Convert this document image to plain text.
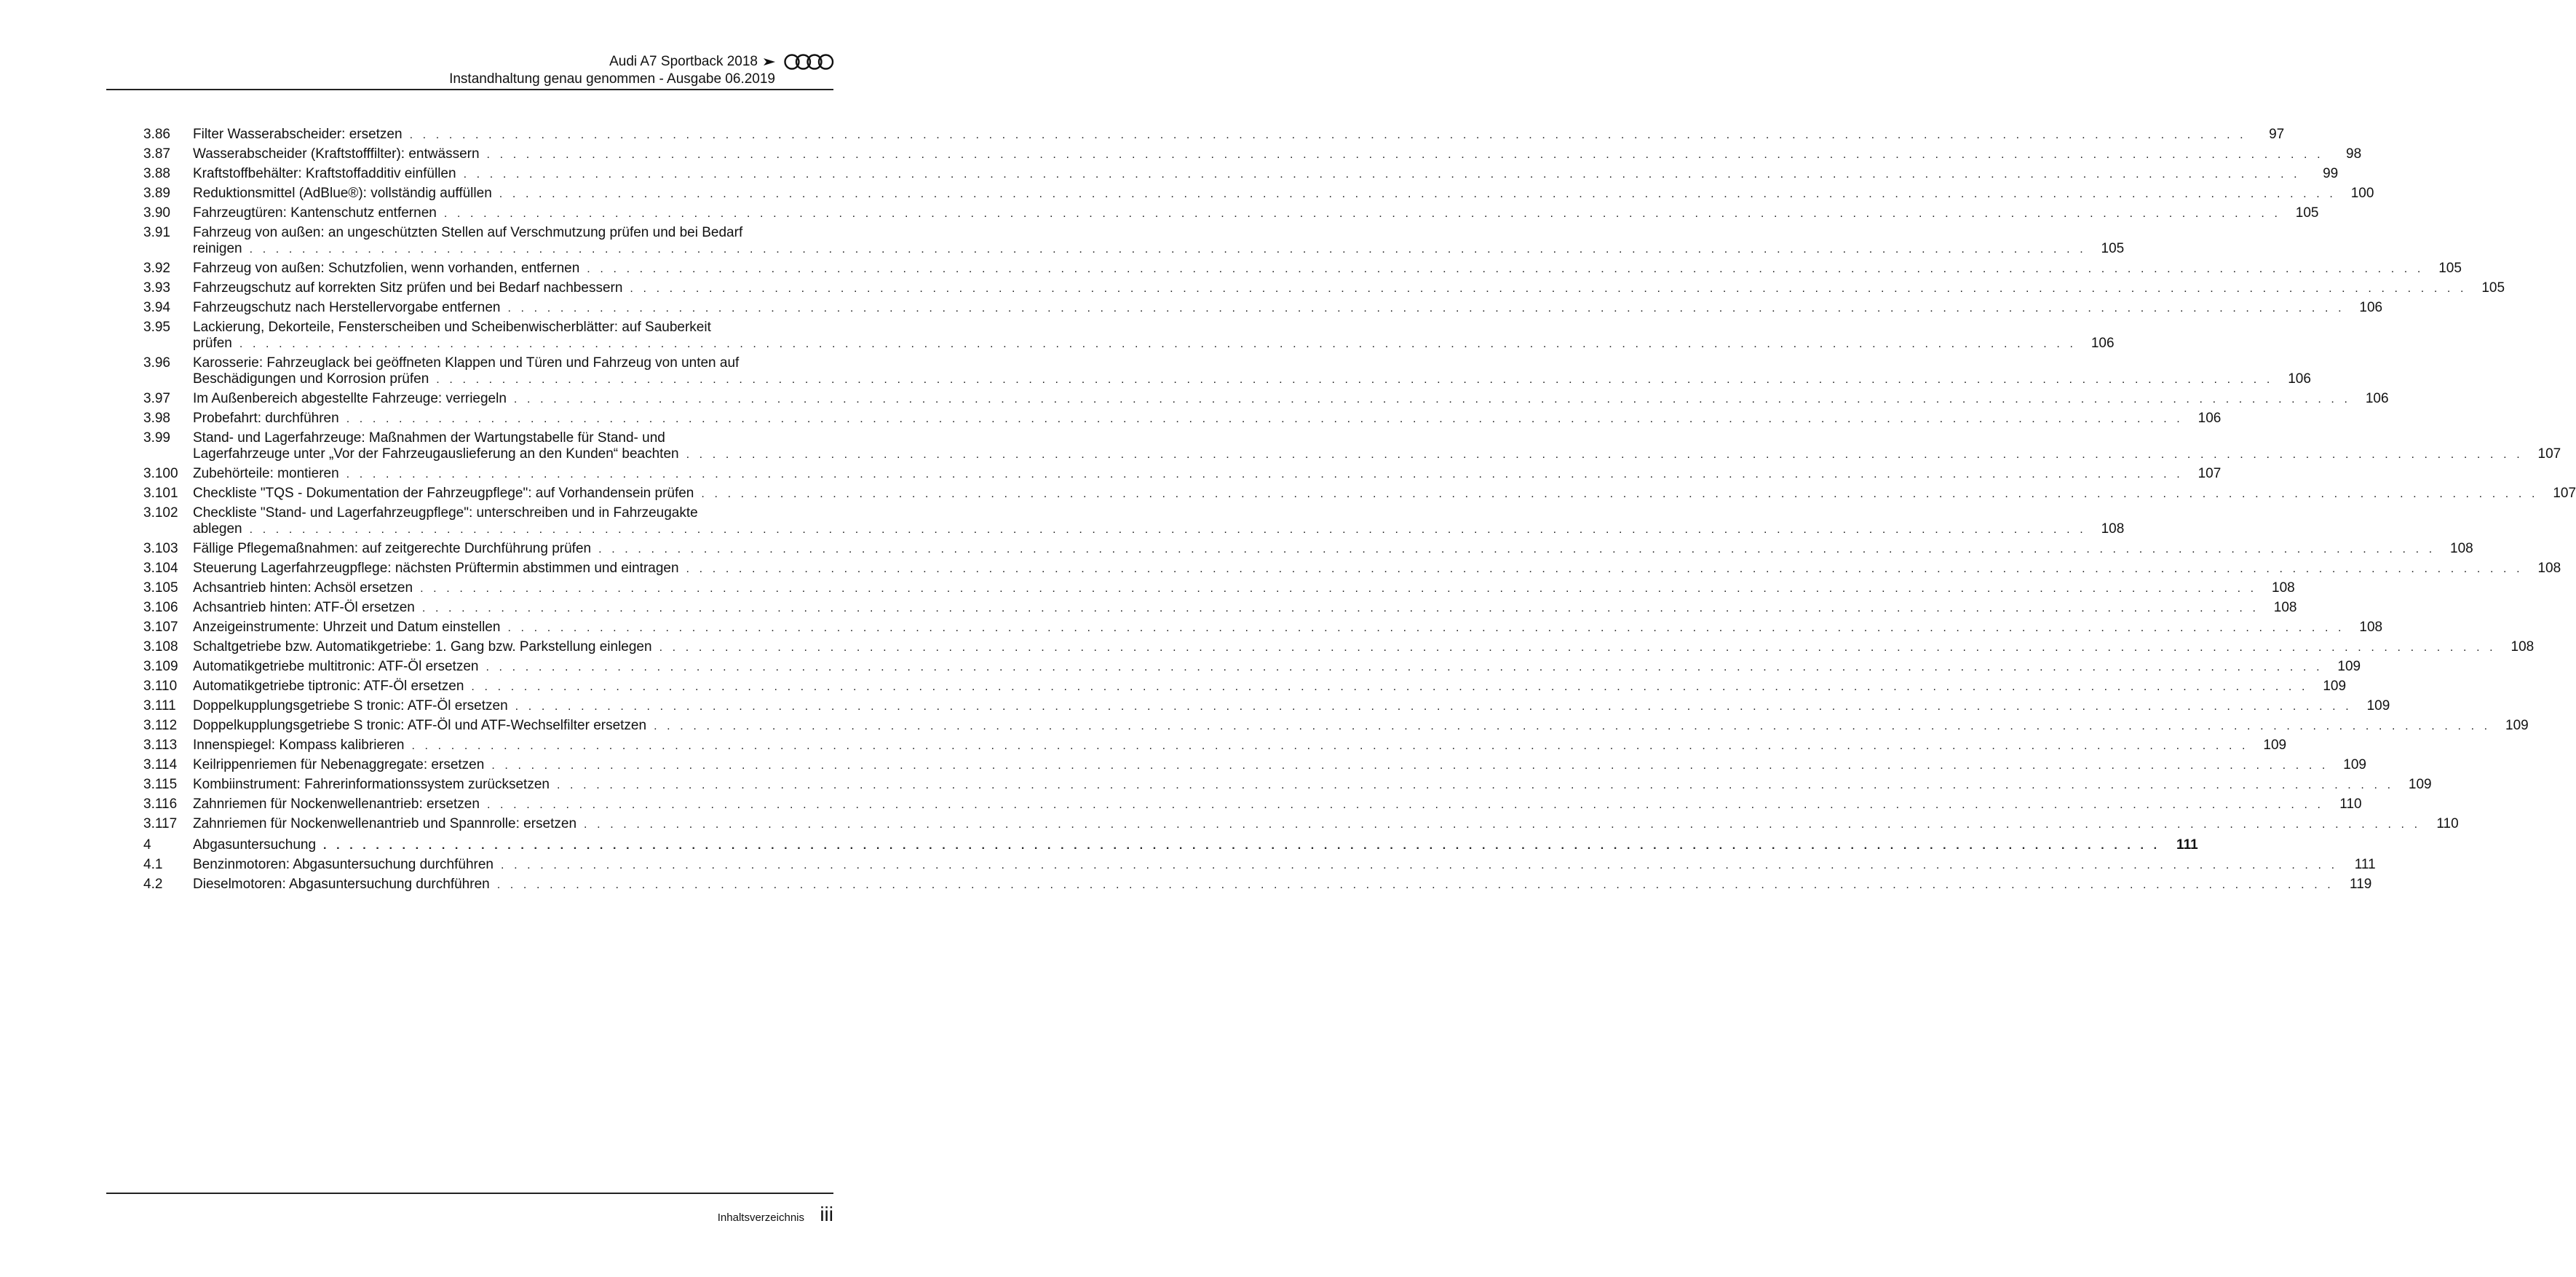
Audi A7 Sportback 2018
Instandhaltung genau genommen - Ausgabe 06.2019
3.86	Filter Wasserabscheider: ersetzen . . . . . . . . . . . . . . . . . . . . . . . . . . . . . . . . . . . . . . . . . . . . . . . . . . . . . . . . . . . . . . . . . . . . . . . . . . . . . . . . . . . . . . . . . . . . . . . . . . . . . . . . . . . . . . . . . . . . . . . . . . . . . . . . . . . . . . . . . . . .	97
3.87	Wasserabscheider (Kraftstofffilter): entwässern . . . . . . . . . . . . . . . . . . . . . . . . . . . . . . . . . . . . . . . . . . . . . . . . . . . . . . . . . . . . . . . . . . . . . . . . . . . . . . . . . . . . . . . . . . . . . . . . . . . . . . . . . . . . . . . . . . . . . . . . . . . . . . . . . . . . . . . . . . . .	98
3.88	Kraftstoffbehälter: Kraftstoffadditiv einfüllen . . . . . . . . . . . . . . . . . . . . . . . . . . . . . . . . . . . . . . . . . . . . . . . . . . . . . . . . . . . . . . . . . . . . . . . . . . . . . . . . . . . . . . . . . . . . . . . . . . . . . . . . . . . . . . . . . . . . . . . . . . . . . . . . . . . . . . . . . . . .	99
3.89	Reduktionsmittel (AdBlue®): vollständig auffüllen . . . . . . . . . . . . . . . . . . . . . . . . . . . . . . . . . . . . . . . . . . . . . . . . . . . . . . . . . . . . . . . . . . . . . . . . . . . . . . . . . . . . . . . . . . . . . . . . . . . . . . . . . . . . . . . . . . . . . . . . . . . . . . . . . . . . . . . . . . . .	100
3.90	Fahrzeugtüren: Kantenschutz entfernen . . . . . . . . . . . . . . . . . . . . . . . . . . . . . . . . . . . . . . . . . . . . . . . . . . . . . . . . . . . . . . . . . . . . . . . . . . . . . . . . . . . . . . . . . . . . . . . . . . . . . . . . . . . . . . . . . . . . . . . . . . . . . . . . . . . . . . . . . . . .	105
3.91	Fahrzeug von außen: an ungeschützten Stellen auf Verschmutzung prüfen und bei Bedarf
reinigen . . . . . . . . . . . . . . . . . . . . . . . . . . . . . . . . . . . . . . . . . . . . . . . . . . . . . . . . . . . . . . . . . . . . . . . . . . . . . . . . . . . . . . . . . . . . . . . . . . . . . . . . . . . . . . . . . . . . . . . . . . . . . . . . . . . . . . . . . . . .	105
3.92	Fahrzeug von außen: Schutzfolien, wenn vorhanden, entfernen . . . . . . . . . . . . . . . . . . . . . . . . . . . . . . . . . . . . . . . . . . . . . . . . . . . . . . . . . . . . . . . . . . . . . . . . . . . . . . . . . . . . . . . . . . . . . . . . . . . . . . . . . . . . . . . . . . . . . . . . . . . . . . . . . . . . . . . . . . . .	105
3.93	Fahrzeugschutz auf korrekten Sitz prüfen und bei Bedarf nachbessern . . . . . . . . . . . . . . . . . . . . . . . . . . . . . . . . . . . . . . . . . . . . . . . . . . . . . . . . . . . . . . . . . . . . . . . . . . . . . . . . . . . . . . . . . . . . . . . . . . . . . . . . . . . . . . . . . . . . . . . . . . . . . . . . . . . . . . . . . . . .	105
3.94	Fahrzeugschutz nach Herstellervorgabe entfernen . . . . . . . . . . . . . . . . . . . . . . . . . . . . . . . . . . . . . . . . . . . . . . . . . . . . . . . . . . . . . . . . . . . . . . . . . . . . . . . . . . . . . . . . . . . . . . . . . . . . . . . . . . . . . . . . . . . . . . . . . . . . . . . . . . . . . . . . . . . .	106
3.95	Lackierung, Dekorteile, Fensterscheiben und Scheibenwischerblätter: auf Sauberkeit
prüfen . . . . . . . . . . . . . . . . . . . . . . . . . . . . . . . . . . . . . . . . . . . . . . . . . . . . . . . . . . . . . . . . . . . . . . . . . . . . . . . . . . . . . . . . . . . . . . . . . . . . . . . . . . . . . . . . . . . . . . . . . . . . . . . . . . . . . . . . . . . .	106
3.96	Karosserie: Fahrzeuglack bei geöffneten Klappen und Türen und Fahrzeug von unten auf
Beschädigungen und Korrosion prüfen . . . . . . . . . . . . . . . . . . . . . . . . . . . . . . . . . . . . . . . . . . . . . . . . . . . . . . . . . . . . . . . . . . . . . . . . . . . . . . . . . . . . . . . . . . . . . . . . . . . . . . . . . . . . . . . . . . . . . . . . . . . . . . . . . . . . . . . . . . . .	106
3.97	Im Außenbereich abgestellte Fahrzeuge: verriegeln . . . . . . . . . . . . . . . . . . . . . . . . . . . . . . . . . . . . . . . . . . . . . . . . . . . . . . . . . . . . . . . . . . . . . . . . . . . . . . . . . . . . . . . . . . . . . . . . . . . . . . . . . . . . . . . . . . . . . . . . . . . . . . . . . . . . . . . . . . . .	106
3.98	Probefahrt: durchführen . . . . . . . . . . . . . . . . . . . . . . . . . . . . . . . . . . . . . . . . . . . . . . . . . . . . . . . . . . . . . . . . . . . . . . . . . . . . . . . . . . . . . . . . . . . . . . . . . . . . . . . . . . . . . . . . . . . . . . . . . . . . . . . . . . . . . . . . . . . .	106
3.99	Stand- und Lagerfahrzeuge: Maßnahmen der Wartungstabelle für Stand- und
Lagerfahrzeuge unter „Vor der Fahrzeugauslieferung an den Kunden“ beachten . . . . . . . . . . . . . . . . . . . . . . . . . . . . . . . . . . . . . . . . . . . . . . . . . . . . . . . . . . . . . . . . . . . . . . . . . . . . . . . . . . . . . . . . . . . . . . . . . . . . . . . . . . . . . . . . . . . . . . . . . . . . . . . . . . . . . . . . . . . .	107
3.100	Zubehörteile: montieren . . . . . . . . . . . . . . . . . . . . . . . . . . . . . . . . . . . . . . . . . . . . . . . . . . . . . . . . . . . . . . . . . . . . . . . . . . . . . . . . . . . . . . . . . . . . . . . . . . . . . . . . . . . . . . . . . . . . . . . . . . . . . . . . . . . . . . . . . . . .	107
3.101	Checkliste "TQS - Dokumentation der Fahrzeugpflege": auf Vorhandensein prüfen . . . . . . . . . . . . . . . . . . . . . . . . . . . . . . . . . . . . . . . . . . . . . . . . . . . . . . . . . . . . . . . . . . . . . . . . . . . . . . . . . . . . . . . . . . . . . . . . . . . . . . . . . . . . . . . . . . . . . . . . . . . . . . . . . . . . . . . . . . . .	107
3.102	Checkliste "Stand- und Lagerfahrzeugpflege": unterschreiben und in Fahrzeugakte
ablegen . . . . . . . . . . . . . . . . . . . . . . . . . . . . . . . . . . . . . . . . . . . . . . . . . . . . . . . . . . . . . . . . . . . . . . . . . . . . . . . . . . . . . . . . . . . . . . . . . . . . . . . . . . . . . . . . . . . . . . . . . . . . . . . . . . . . . . . . . . . .	108
3.103	Fällige Pflegemaßnahmen: auf zeitgerechte Durchführung prüfen . . . . . . . . . . . . . . . . . . . . . . . . . . . . . . . . . . . . . . . . . . . . . . . . . . . . . . . . . . . . . . . . . . . . . . . . . . . . . . . . . . . . . . . . . . . . . . . . . . . . . . . . . . . . . . . . . . . . . . . . . . . . . . . . . . . . . . . . . . . .	108
3.104	Steuerung Lagerfahrzeugpflege: nächsten Prüftermin abstimmen und eintragen . . . . . . . . . . . . . . . . . . . . . . . . . . . . . . . . . . . . . . . . . . . . . . . . . . . . . . . . . . . . . . . . . . . . . . . . . . . . . . . . . . . . . . . . . . . . . . . . . . . . . . . . . . . . . . . . . . . . . . . . . . . . . . . . . . . . . . . . . . . .	108
3.105	Achsantrieb hinten: Achsöl ersetzen . . . . . . . . . . . . . . . . . . . . . . . . . . . . . . . . . . . . . . . . . . . . . . . . . . . . . . . . . . . . . . . . . . . . . . . . . . . . . . . . . . . . . . . . . . . . . . . . . . . . . . . . . . . . . . . . . . . . . . . . . . . . . . . . . . . . . . . . . . . .	108
3.106	Achsantrieb hinten: ATF-Öl ersetzen . . . . . . . . . . . . . . . . . . . . . . . . . . . . . . . . . . . . . . . . . . . . . . . . . . . . . . . . . . . . . . . . . . . . . . . . . . . . . . . . . . . . . . . . . . . . . . . . . . . . . . . . . . . . . . . . . . . . . . . . . . . . . . . . . . . . . . . . . . . .	108
3.107	Anzeigeinstrumente: Uhrzeit und Datum einstellen . . . . . . . . . . . . . . . . . . . . . . . . . . . . . . . . . . . . . . . . . . . . . . . . . . . . . . . . . . . . . . . . . . . . . . . . . . . . . . . . . . . . . . . . . . . . . . . . . . . . . . . . . . . . . . . . . . . . . . . . . . . . . . . . . . . . . . . . . . . .	108
3.108	Schaltgetriebe bzw. Automatikgetriebe: 1. Gang bzw. Parkstellung einlegen . . . . . . . . . . . . . . . . . . . . . . . . . . . . . . . . . . . . . . . . . . . . . . . . . . . . . . . . . . . . . . . . . . . . . . . . . . . . . . . . . . . . . . . . . . . . . . . . . . . . . . . . . . . . . . . . . . . . . . . . . . . . . . . . . . . . . . . . . . . .	108
3.109	Automatikgetriebe multitronic: ATF-Öl ersetzen . . . . . . . . . . . . . . . . . . . . . . . . . . . . . . . . . . . . . . . . . . . . . . . . . . . . . . . . . . . . . . . . . . . . . . . . . . . . . . . . . . . . . . . . . . . . . . . . . . . . . . . . . . . . . . . . . . . . . . . . . . . . . . . . . . . . . . . . . . . .	109
3.110	Automatikgetriebe tiptronic: ATF-Öl ersetzen . . . . . . . . . . . . . . . . . . . . . . . . . . . . . . . . . . . . . . . . . . . . . . . . . . . . . . . . . . . . . . . . . . . . . . . . . . . . . . . . . . . . . . . . . . . . . . . . . . . . . . . . . . . . . . . . . . . . . . . . . . . . . . . . . . . . . . . . . . . .	109
3.111	Doppelkupplungsgetriebe S tronic: ATF-Öl ersetzen . . . . . . . . . . . . . . . . . . . . . . . . . . . . . . . . . . . . . . . . . . . . . . . . . . . . . . . . . . . . . . . . . . . . . . . . . . . . . . . . . . . . . . . . . . . . . . . . . . . . . . . . . . . . . . . . . . . . . . . . . . . . . . . . . . . . . . . . . . . .	109
3.112	Doppelkupplungsgetriebe S tronic: ATF-Öl und ATF-Wechselfilter ersetzen . . . . . . . . . . . . . . . . . . . . . . . . . . . . . . . . . . . . . . . . . . . . . . . . . . . . . . . . . . . . . . . . . . . . . . . . . . . . . . . . . . . . . . . . . . . . . . . . . . . . . . . . . . . . . . . . . . . . . . . . . . . . . . . . . . . . . . . . . . . .	109
3.113	Innenspiegel: Kompass kalibrieren . . . . . . . . . . . . . . . . . . . . . . . . . . . . . . . . . . . . . . . . . . . . . . . . . . . . . . . . . . . . . . . . . . . . . . . . . . . . . . . . . . . . . . . . . . . . . . . . . . . . . . . . . . . . . . . . . . . . . . . . . . . . . . . . . . . . . . . . . . . .	109
3.114	Keilrippenriemen für Nebenaggregate: ersetzen . . . . . . . . . . . . . . . . . . . . . . . . . . . . . . . . . . . . . . . . . . . . . . . . . . . . . . . . . . . . . . . . . . . . . . . . . . . . . . . . . . . . . . . . . . . . . . . . . . . . . . . . . . . . . . . . . . . . . . . . . . . . . . . . . . . . . . . . . . . .	109
3.115	Kombiinstrument: Fahrerinformationssystem zurücksetzen . . . . . . . . . . . . . . . . . . . . . . . . . . . . . . . . . . . . . . . . . . . . . . . . . . . . . . . . . . . . . . . . . . . . . . . . . . . . . . . . . . . . . . . . . . . . . . . . . . . . . . . . . . . . . . . . . . . . . . . . . . . . . . . . . . . . . . . . . . . .	109
3.116	Zahnriemen für Nockenwellenantrieb: ersetzen . . . . . . . . . . . . . . . . . . . . . . . . . . . . . . . . . . . . . . . . . . . . . . . . . . . . . . . . . . . . . . . . . . . . . . . . . . . . . . . . . . . . . . . . . . . . . . . . . . . . . . . . . . . . . . . . . . . . . . . . . . . . . . . . . . . . . . . . . . . .	110
3.117	Zahnriemen für Nockenwellenantrieb und Spannrolle: ersetzen . . . . . . . . . . . . . . . . . . . . . . . . . . . . . . . . . . . . . . . . . . . . . . . . . . . . . . . . . . . . . . . . . . . . . . . . . . . . . . . . . . . . . . . . . . . . . . . . . . . . . . . . . . . . . . . . . . . . . . . . . . . . . . . . . . . . . . . . . . . .	110
4	Abgasuntersuchung . . . . . . . . . . . . . . . . . . . . . . . . . . . . . . . . . . . . . . . . . . . . . . . . . . . . . . . . . . . . . . . . . . . . . . . . . . . . . . . . . . . . . . . . . . . . . . . . . . . . . . . . . . . . . . . . . . . . . . . . . . . . . . . . . . . . . . . . . . . .	111
4.1	Benzinmotoren: Abgasuntersuchung durchführen . . . . . . . . . . . . . . . . . . . . . . . . . . . . . . . . . . . . . . . . . . . . . . . . . . . . . . . . . . . . . . . . . . . . . . . . . . . . . . . . . . . . . . . . . . . . . . . . . . . . . . . . . . . . . . . . . . . . . . . . . . . . . . . . . . . . . . . . . . . .	111
4.2	Dieselmotoren: Abgasuntersuchung durchführen . . . . . . . . . . . . . . . . . . . . . . . . . . . . . . . . . . . . . . . . . . . . . . . . . . . . . . . . . . . . . . . . . . . . . . . . . . . . . . . . . . . . . . . . . . . . . . . . . . . . . . . . . . . . . . . . . . . . . . . . . . . . . . . . . . . . . . . . . . . .	119
Inhaltsverzeichnis iii
